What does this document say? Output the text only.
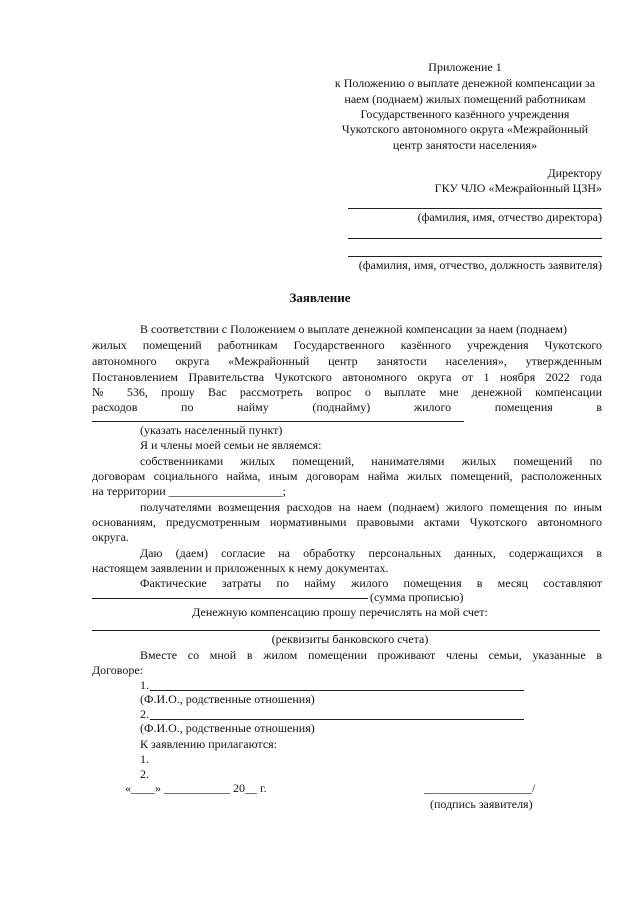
Приложение 1
к Положению о выплате денежной компенсации за
наем (поднаем) жилых помещений работникам
Государственного казённого учреждения
Чукотского автономного округа «Межрайонный
центр занятости населения»
Директору
ГКУ ЧЛО «Межрайонный ЦЗН»
(фамилия, имя, отчество директора)
(фамилия, имя, отчество, должность заявителя)
Заявление
В соответствии с Положением о выплате денежной компенсации за наем (поднаем)
жилых помещений работникам Государственного казённого учреждения Чукотского
автономного округа «Межрайонный центр занятости населения», утвержденным
Постановлением Правительства Чукотского автономного округа от 1 ноября 2022 года
№ 536, прошу Вас рассмотреть вопрос о выплате мне денежной компенсации
расходов по найму (поднайму) жилого помещения в
(указать населенный пункт)
Я и члены моей семьи не являемся:
собственниками жилых помещений, нанимателями жилых помещений по
договорам социального найма, иным договорам найма жилых помещений, расположенных
на территории ___________________;
получателями возмещения расходов на наем (поднаем) жилого помещения по иным
основаниям, предусмотренным нормативными правовыми актами Чукотского автономного
округа.
Даю (даем) согласие на обработку персональных данных, содержащихся в
настоящем заявлении и приложенных к нему документах.
Фактические затраты по найму жилого помещения в месяц составляют
(сумма прописью)
Денежную компенсацию прошу перечислять на мой счет:
(реквизиты банковского счета)
Вместе со мной в жилом помещении проживают члены семьи, указанные в
Договоре:
1.
(Ф.И.О., родственные отношения)
2.
(Ф.И.О., родственные отношения)
К заявлению прилагаются:
1.
2.
«____» ___________ 20__ г.	__________________/
(подпись заявителя)
